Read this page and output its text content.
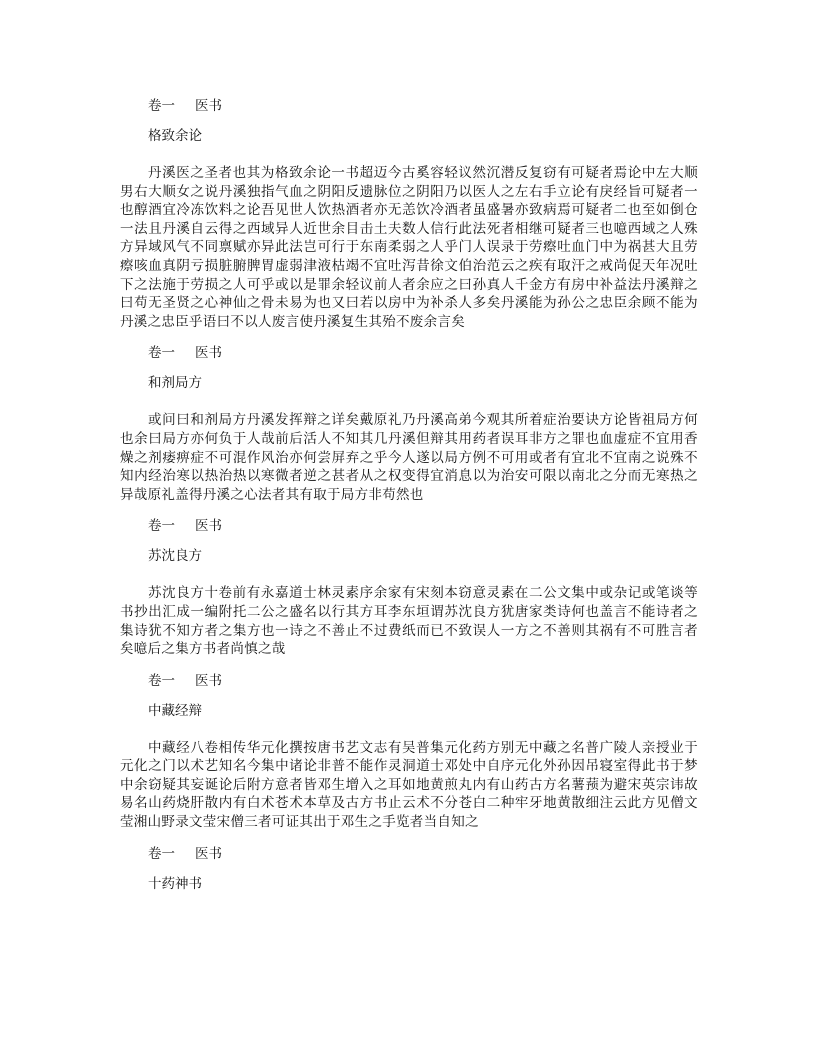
卷一 医书
格致余论

丹溪医之圣者也其为格致余论一书超迈今古奚容轻议然沉潜反复窃有可疑者焉论中左大顺男右大顺女之说丹溪独指气血之阴阳反遗脉位之阴阳乃以医人之左右手立论有戾经旨可疑者一也醇酒宜冷冻饮料之论吾见世人饮热酒者亦无恙饮冷酒者虽盛暑亦致病焉可疑者二也至如倒仓一法且丹溪自云得之西域异人近世余目击土夫数人信行此法死者相继可疑者三也噫西域之人殊方异域风气不同禀赋亦异此法岂可行于东南柔弱之人乎门人误录于劳瘵吐血门中为祸甚大且劳瘵咳血真阴亏损脏腑脾胃虚弱津液枯竭不宜吐泻昔徐文伯治范云之疾有取汗之戒尚促天年况吐下之法施于劳损之人可乎或以是罪余轻议前人者余应之曰孙真人千金方有房中补益法丹溪辩之曰苟无圣贤之心神仙之骨未易为也又曰若以房中为补杀人多矣丹溪能为孙公之忠臣余顾不能为丹溪之忠臣乎语曰不以人废言使丹溪复生其殆不废余言矣

卷一 医书
和剂局方

或问曰和剂局方丹溪发挥辩之详矣戴原礼乃丹溪高弟今观其所着症治要诀方论皆祖局方何也余曰局方亦何负于人哉前后活人不知其几丹溪但辩其用药者误耳非方之罪也血虚症不宜用香燥之剂痿痹症不可混作风治亦何尝屏弃之乎今人遂以局方例不可用或者有宜北不宜南之说殊不知内经治寒以热治热以寒微者逆之甚者从之权变得宜消息以为治安可限以南北之分而无寒热之异哉原礼盖得丹溪之心法者其有取于局方非苟然也

卷一 医书
苏沈良方

苏沈良方十卷前有永嘉道士林灵素序余家有宋刻本窃意灵素在二公文集中或杂记或笔谈等书抄出汇成一编附托二公之盛名以行其方耳李东垣谓苏沈良方犹唐家类诗何也盖言不能诗者之集诗犹不知方者之集方也一诗之不善止不过费纸而已不致误人一方之不善则其祸有不可胜言者矣噫后之集方书者尚慎之哉

卷一 医书
中藏经辩

中藏经八卷相传华元化撰按唐书艺文志有吴普集元化药方别无中藏之名普广陵人亲授业于元化之门以术艺知名今集中诸论非普不能作灵洞道士邓处中自序元化外孙因吊寝室得此书于梦中余窃疑其妄诞论后附方意者皆邓生增入之耳如地黄煎丸内有山药古方名薯蓣为避宋英宗讳故易名山药烧肝散内有白术苍术本草及古方书止云术不分苍白二种牢牙地黄散细注云此方见僧文莹湘山野录文莹宋僧三者可证其出于邓生之手览者当自知之

卷一 医书
十药神书
